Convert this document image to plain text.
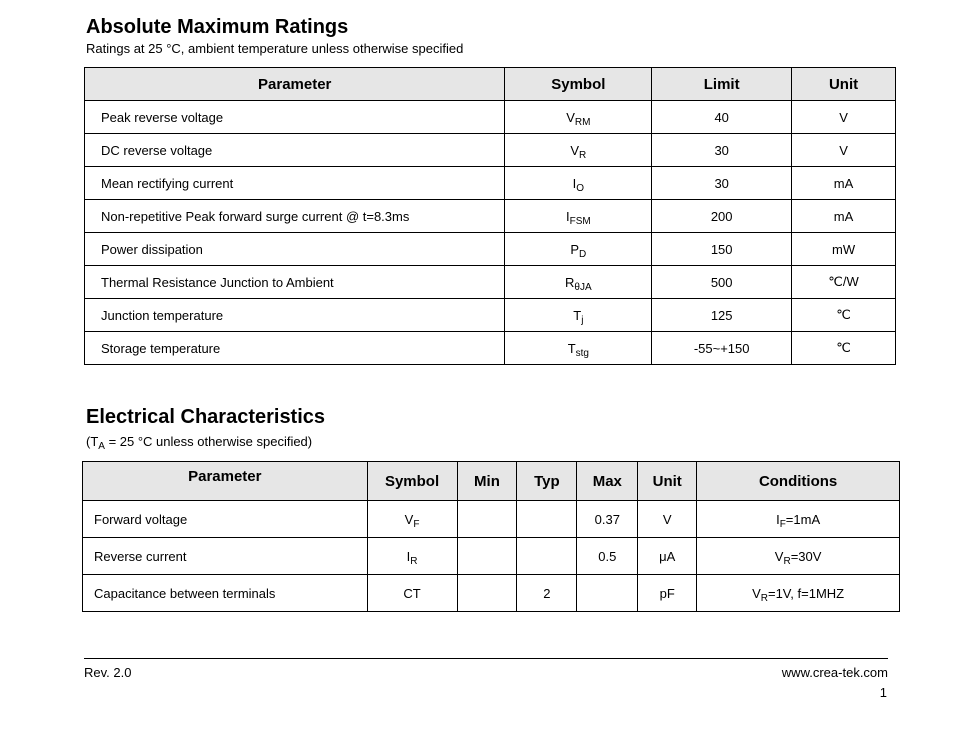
Absolute Maximum Ratings
Ratings at 25 °C, ambient temperature unless otherwise specified
Parameter	Symbol	Limit	Unit
Peak reverse voltage	$V_{RM}$	40	V
DC reverse voltage	$V_R$	30	V
Mean rectifying current	$I_O$	30	mA
Non-repetitive Peak forward surge current @ t=8.3ms	$I_{FSM}$	200	mA
Power dissipation	$P_D$	150	mW
Thermal Resistance Junction to Ambient	$R_{\theta JA}$	500	℃/W
Junction temperature	$T_j$	125	℃
Storage temperature	$T_{stg}$	-55~+150	℃
Electrical Characteristics
($T_A = 25$ °C unless otherwise specified)
Parameter	Symbol	Min	Typ	Max	Unit	Conditions
Forward voltage	$V_F$			0.37	V	$I_F=1mA$
Reverse current	$I_R$			0.5	μA	$V_R=30V$
Capacitance between terminals	CT		2		pF	$V_R=1V$, f=1MHZ
Rev. 2.0	www.crea-tek.com
1
